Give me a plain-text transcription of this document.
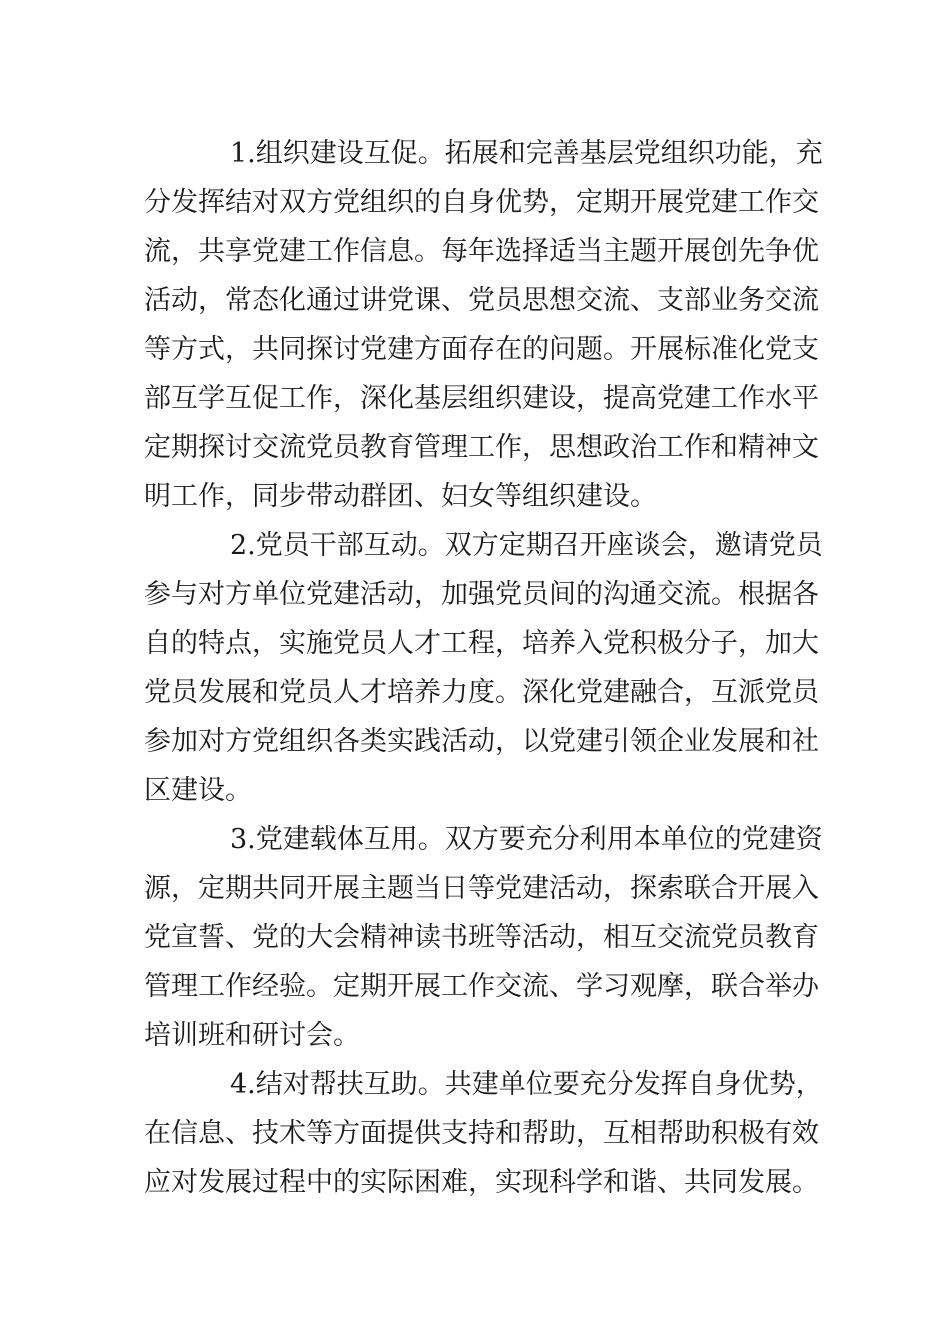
1.组织建设互促。拓展和完善基层党组织功能，充
分发挥结对双方党组织的自身优势，定期开展党建工作交
流，共享党建工作信息。每年选择适当主题开展创先争优
活动，常态化通过讲党课、党员思想交流、支部业务交流
等方式，共同探讨党建方面存在的问题。开展标准化党支
部互学互促工作，深化基层组织建设，提高党建工作水平
定期探讨交流党员教育管理工作，思想政治工作和精神文
明工作，同步带动群团、妇女等组织建设。
2.党员干部互动。双方定期召开座谈会，邀请党员
参与对方单位党建活动，加强党员间的沟通交流。根据各
自的特点，实施党员人才工程，培养入党积极分子，加大
党员发展和党员人才培养力度。深化党建融合，互派党员
参加对方党组织各类实践活动，以党建引领企业发展和社
区建设。
3.党建载体互用。双方要充分利用本单位的党建资
源，定期共同开展主题当日等党建活动，探索联合开展入
党宣誓、党的大会精神读书班等活动，相互交流党员教育
管理工作经验。定期开展工作交流、学习观摩，联合举办
培训班和研讨会。
4.结对帮扶互助。共建单位要充分发挥自身优势，
在信息、技术等方面提供支持和帮助，互相帮助积极有效
应对发展过程中的实际困难，实现科学和谐、共同发展。
